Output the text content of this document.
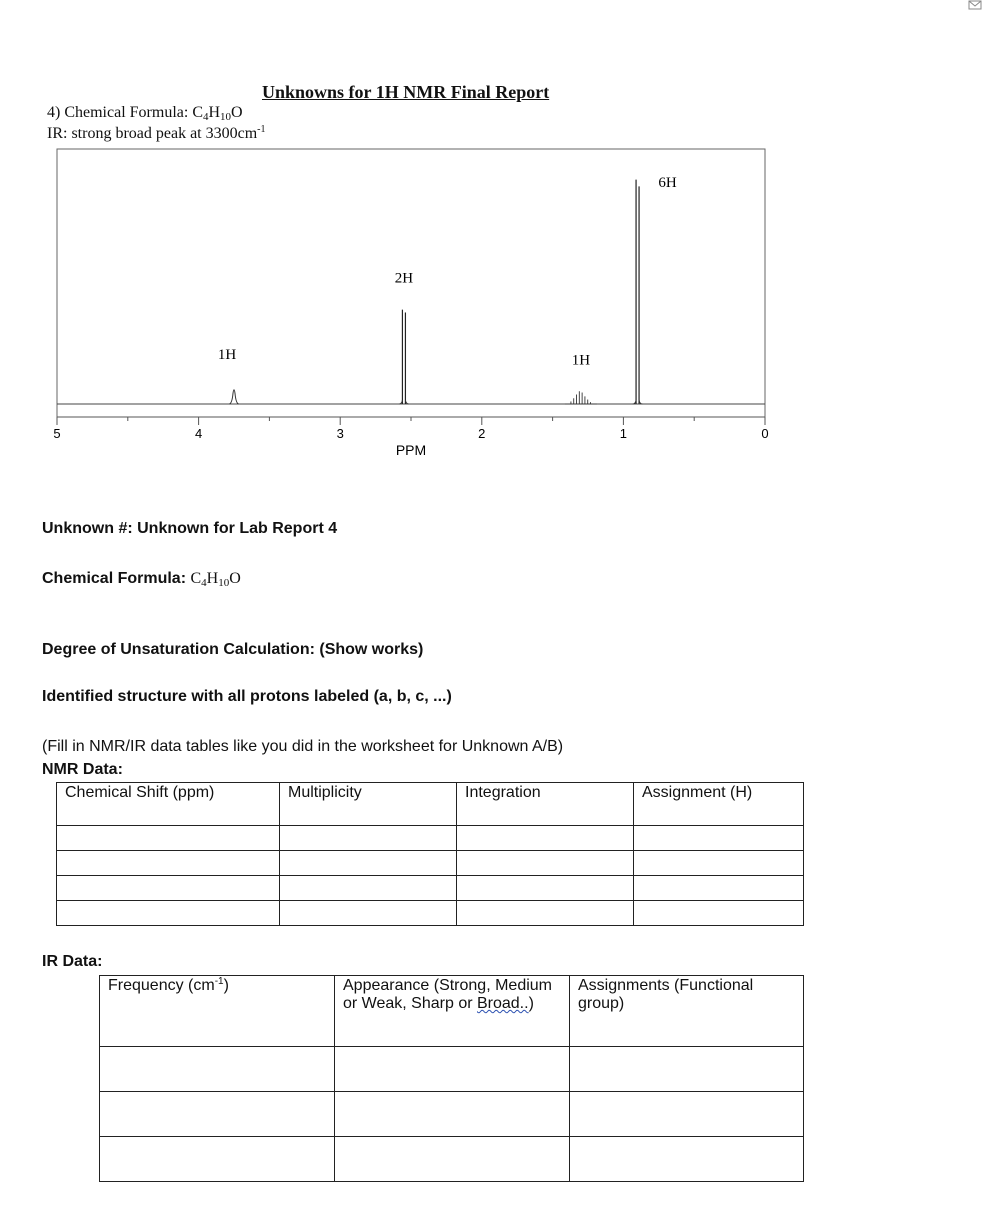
Unknowns for 1H NMR Final Report
4) Chemical Formula: $C_4H_{10}O$
IR: strong broad peak at $3300cm^{-1}$
5	4	3	2	1	0
1H
2H
1H
6H
PPM
Unknown #: Unknown for Lab Report 4
Chemical Formula: $C_4H_{10}O$
Degree of Unsaturation Calculation: (Show works)
Identified structure with all protons labeled (a, b, c, ...)
(Fill in NMR/IR data tables like you did in the worksheet for Unknown A/B)
NMR Data:
Chemical Shift (ppm)	Multiplicity	Integration	Assignment (H)

IR Data:
Frequency $(cm^{-1})$	Appearance (Strong, Medium or Weak, Sharp or Broad..)	Assignments (Functional group)
